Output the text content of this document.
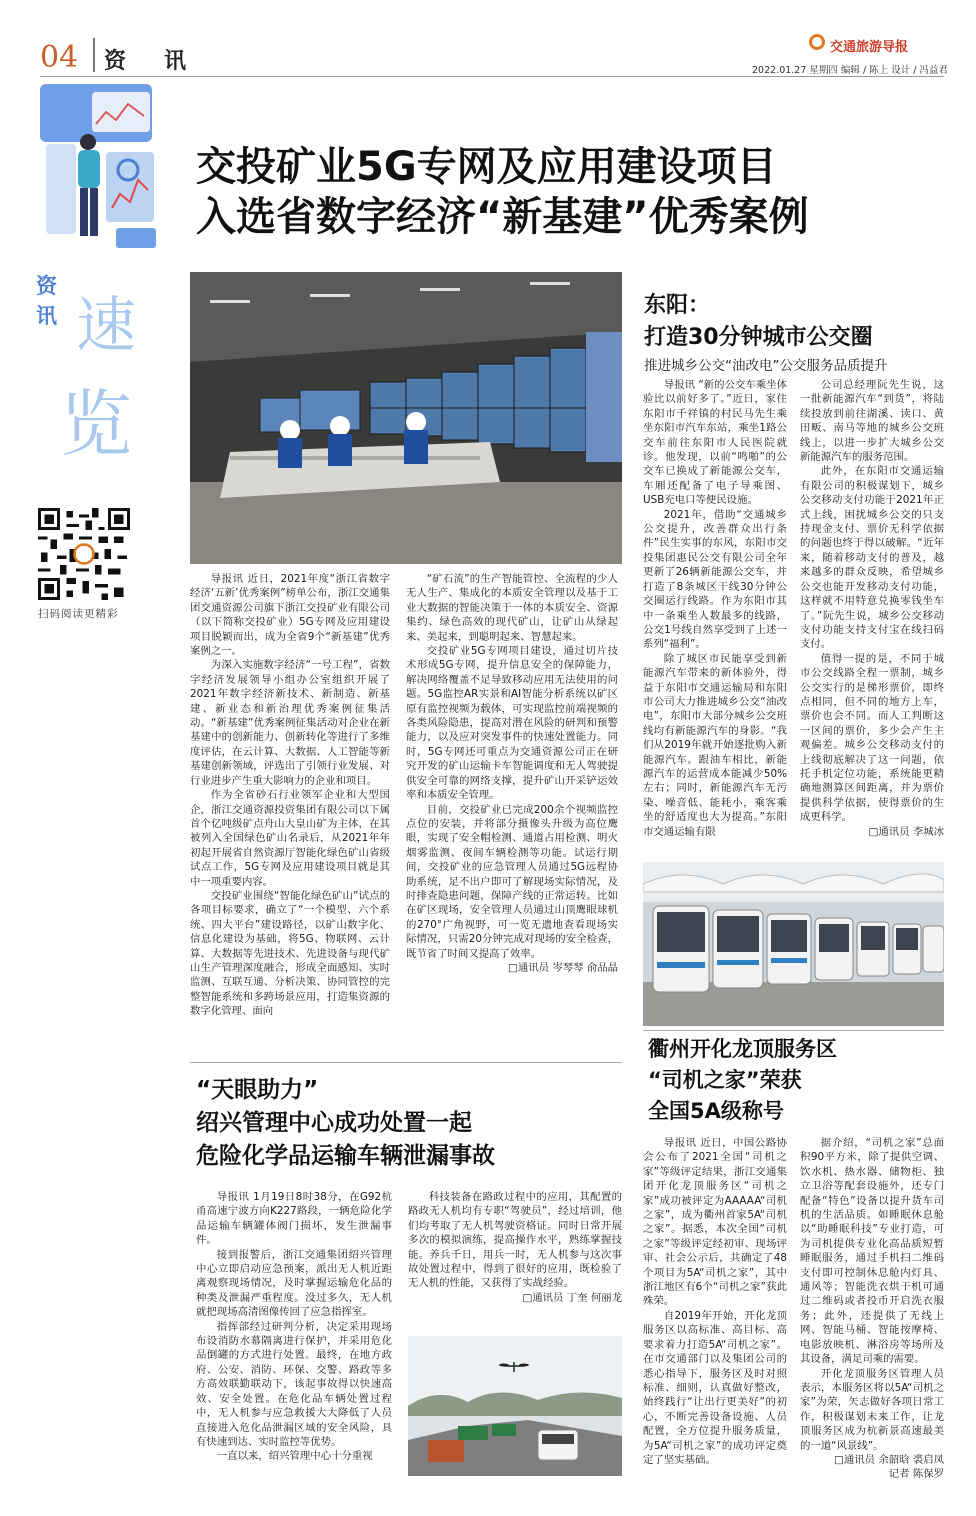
04 资讯
交通旅游导报
2022.01.27 星期四 编辑 / 陈上 设计 / 冯益君
资
讯 速
览
扫码阅读更精彩
交投矿业5G专网及应用建设项目
入选省数字经济“新基建”优秀案例

导报讯 近日，2021年度“浙江省数字经济‘五新’优秀案例”榜单公布，浙江交通集团交通资源公司旗下浙江交投矿业有限公司（以下简称交投矿业）5G专网及应用建设项目脱颖而出，成为全省9个“新基建”优秀案例之一。

为深入实施数字经济“一号工程”，省数字经济发展领导小组办公室组织开展了2021年数字经济新技术、新制造、新基建、新业态和新治理优秀案例征集活动。“新基建”优秀案例征集活动对企业在新基建中的创新能力、创新转化等进行了多维度评估，在云计算、大数据、人工智能等新基建创新领域，评选出了引领行业发展、对行业进步产生重大影响力的企业和项目。

作为全省砂石行业领军企业和大型国企，浙江交通资源投资集团有限公司以下属首个亿吨级矿点舟山大皇山矿为主体，在其被列入全国绿色矿山名录后，从2021年年初起开展省自然资源厅智能化绿色矿山省级试点工作，5G专网及应用建设项目就是其中一项重要内容。

交投矿业围绕“智能化绿色矿山”试点的各项目标要求，确立了“一个模型、六个系统、四大平台”建设路径，以矿山数字化、信息化建设为基础，将5G、物联网、云计算、大数据等先进技术、先进设备与现代矿山生产管理深度融合，形成全面感知、实时监测、互联互通、分析决策、协同管控的完整智能系统和多跨场景应用，打造集资源的数字化管理、面向

“矿石流”的生产智能管控、全流程的少人无人生产、集成化的本质安全管理以及基于工业大数据的智能决策于一体的本质安全、资源集约、绿色高效的现代矿山，让矿山从绿起来、美起来，到聪明起来、智慧起来。

交投矿业5G专网项目建设，通过切片技术形成5G专网，提升信息安全的保障能力，解决网络覆盖不足导致移动应用无法使用的问题。5G监控AR实景和AI智能分析系统以矿区原有监控视频为载体，可实现监控前端视频的各类风险隐患，提高对潜在风险的研判和预警能力，以及应对突发事件的快速处置能力。同时，5G专网还可重点为交通资源公司正在研究开发的矿山运输卡车智能调度和无人驾驶提供安全可靠的网络支撑，提升矿山开采铲运效率和本质安全管理。

目前，交投矿业已完成200余个视频监控点位的安装，并将部分摄像头升级为高位鹰眼，实现了安全帽检测、通道占用检测、明火烟雾监测、夜间车辆检测等功能。试运行期间，交投矿业的应急管理人员通过5G远程协助系统，足不出户即可了解现场实际情况，及时排查隐患问题，保障产线的正常运转。比如在矿区现场，安全管理人员通过山顶鹰眼球机的270°广角视野，可一览无遗地查看现场实际情况，只需20分钟完成对现场的安全检查，既节省了时间又提高了效率。

□通讯员 岑琴琴 俞品晶
东阳：
打造30分钟城市公交圈
推进城乡公交“油改电”公交服务品质提升

导报讯 “新的公交车乘坐体验比以前好多了。”近日，家住东阳市千祥镇的村民马先生乘坐东阳市汽车东站，乘坐1路公交车前往东阳市人民医院就诊。他发现，以前“鸣啪”的公交车已换成了新能源公交车，车厢还配备了电子导乘图、USB充电口等便民设施。

2021年，借助“交通城乡公交提升，改善群众出行条件”民生实事的东风，东阳市交投集团惠民公交有限公司全年更新了26辆新能源公交车，并打造了8条城区干线30分钟公交圈运行线路。作为东阳市其中一条乘坐人数最多的线路，公交1号线自然享受到了上述一系列“福利”。

除了城区市民能享受到新能源汽车带来的新体验外，得益于东阳市交通运输局和东阳市公司大力推进城乡公交“油改电”，东阳市大部分城乡公交班线均有新能源汽车的身影。“我们从2019年就开始逐批购入新能源汽车。跟油车相比，新能源汽车的运营成本能减少50%左右；同时，新能源汽车无污染、噪音低、能耗小，乘客乘坐的舒适度也大为提高。”东阳市交通运输有限

公司总经理阮先生说，这一批新能源汽车“到货”，将陆续投放到前往湖溪、读口、黄田畈、南马等地的城乡公交班线上，以进一步扩大城乡公交新能源汽车的服务范围。

此外，在东阳市交通运输有限公司的积极谋划下，城乡公交移动支付功能于2021年正式上线，困扰城乡公交的只支持现金支付、票价无科学依据的问题也终于得以破解。“近年来，随着移动支付的普及，越来越多的群众反映，希望城乡公交也能开发移动支付功能，这样就不用特意兑换零钱坐车了。”阮先生说，城乡公交移动支付功能支持支付宝在线扫码支付。

值得一提的是，不同于城市公交线路全程一票制，城乡公交实行的是梯形票价，即终点相同，但不同的地方上车，票价也会不同。而人工判断这一区间的票价，多少会产生主观偏差。城乡公交移动支付的上线彻底解决了这一问题，依托手机定位功能，系统能更精确地测算区间距离，并为票价提供科学依据，使得票价的生成更科学。

□通讯员 李城冰
衢州开化龙顶服务区
“司机之家”荣获
全国5A级称号

导报讯 近日，中国公路协会公布了2021全国“司机之家”等级评定结果，浙江交通集团开化龙顶服务区“司机之家”成功被评定为AAAAA“司机之家”，成为衢州首家5A“司机之家”。据悉，本次全国“司机之家”等级评定经初审、现场评审、社会公示后，共确定了48个项目为5A“司机之家”，其中浙江地区有6个“司机之家”获此殊荣。

自2019年开始，开化龙顶服务区以高标准、高目标、高要求着力打造5A“司机之家”。在市交通部门以及集团公司的悉心指导下，服务区及时对照标准、细则，认真做好整改，始终践行“让出行更美好”的初心，不断完善设备设施、人员配置，全方位提升服务质量，为5A“司机之家”的成功评定奠定了坚实基础。

据介绍，“司机之家”总面积90平方米，除了提供空调、饮水机、热水器、储物柜、独立卫浴等配套设施外，还专门配备“特色”设备以提升货车司机的生活品质。如睡眠休息舱以“助睡眠科技”专业打造，可为司机提供专业化高品质短暂睡眠服务，通过手机扫二维码支付即可控制休息舱内灯具、通风等；智能洗衣烘干机可通过二维码或者投币开启洗衣服务；此外，还提供了无线上网、智能马桶、智能按摩椅、电影放映机、淋浴房等场所及其设备，满足司乘的需要。

开化龙顶服务区管理人员表示，本服务区将以5A“司机之家”为荣，矢志做好各项日常工作，积极谋划未来工作，让龙顶服务区成为杭新景高速最美的一道“风景线”。

□通讯员 余韶晗 裘启凤
记者 陈保罗
“天眼助力”
绍兴管理中心成功处置一起
危险化学品运输车辆泄漏事故

导报讯 1月19日8时38分，在G92杭甬高速宁波方向K227路段，一辆危险化学品运输车辆罐体阀门损坏，发生泄漏事件。

接到报警后，浙江交通集团绍兴管理中心立即启动应急预案，派出无人机近距离观察现场情况，及时掌握运输危化品的种类及泄漏严重程度。没过多久，无人机就把现场高清图像传回了应急指挥室。

指挥部经过研判分析，决定采用现场布设消防水幕隔离进行保护，并采用危化品倒罐的方式进行处置。最终，在地方政府、公安、消防、环保、交警、路政等多方高效联勤联动下，该起事故得以快速高效、安全处置。在危化品车辆处置过程中，无人机参与应急救援大大降低了人员直接进入危化品泄漏区域的安全风险，具有快速到达、实时监控等优势。

一直以来，绍兴管理中心十分重视

科技装备在路政过程中的应用，其配置的路政无人机均有专职“驾驶员”，经过培训，他们均考取了无人机驾驶资格证。同时日常开展多次的模拟演练，提高操作水平，熟练掌握技能。养兵千日，用兵一时，无人机参与这次事故处置过程中，得到了很好的应用，既检验了无人机的性能，又获得了实战经验。

□通讯员 丁奎 何丽龙
